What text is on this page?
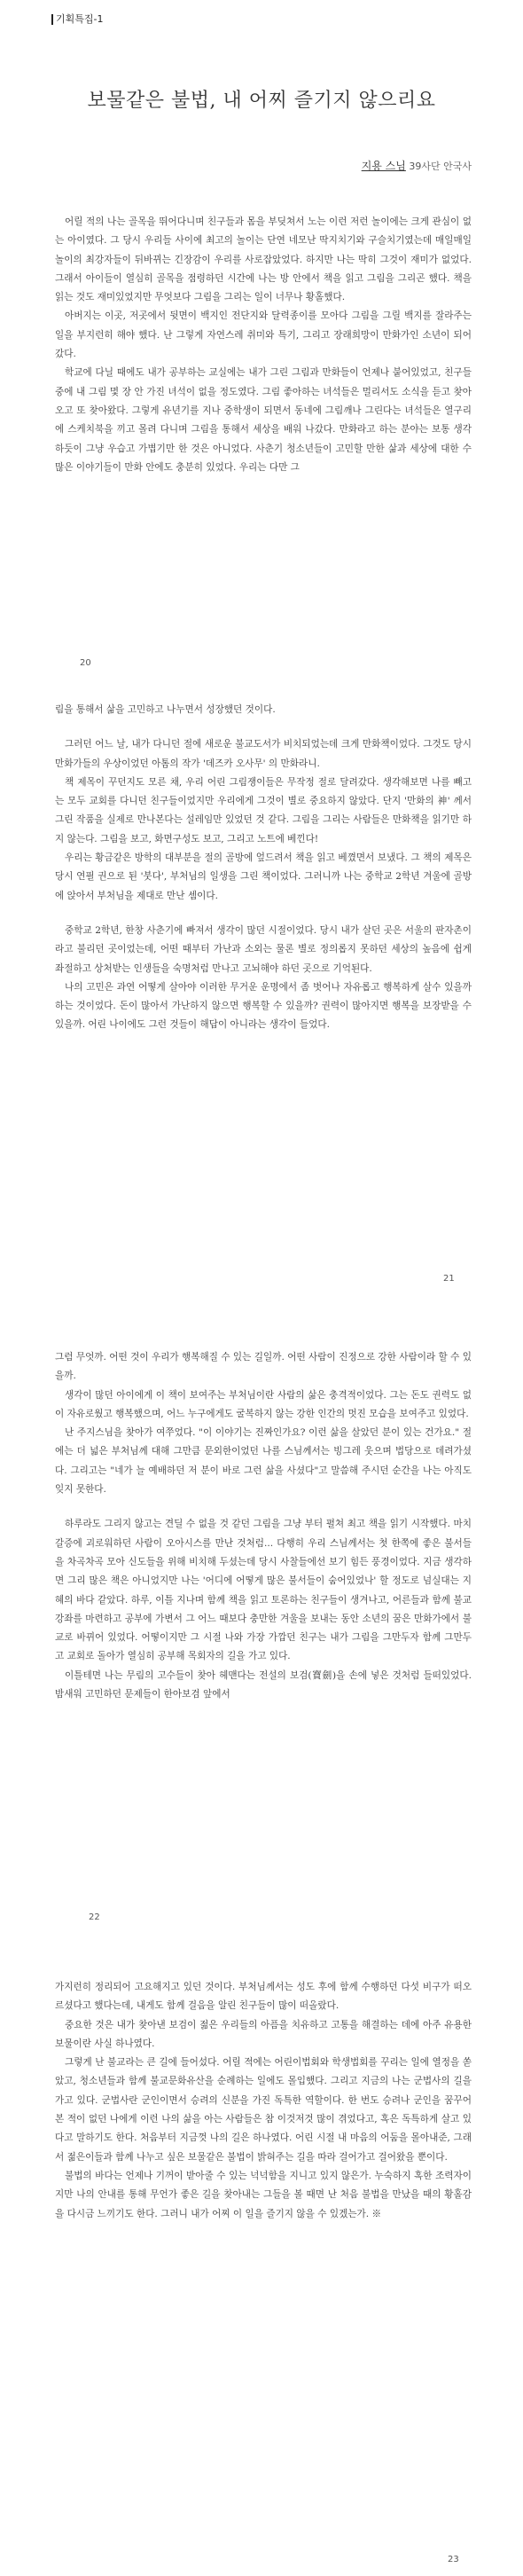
기획특집-1
보물같은 불법, 내 어찌 즐기지 않으리요
지용 스님 39사단 안국사

어릴 적의 나는 골목을 뛰어다니며 친구들과 몸을 부딪쳐서 노는 이런 저런 놀이에는 크게 관심이 없는 아이였다. 그 당시 우리들 사이에 최고의 놀이는 단연 네모난 딱지치기와 구슬치기였는데 매일매일 놀이의 최강자들이 뒤바뀌는 긴장감이 우리를 사로잡았었다. 하지만 나는 딱히 그것이 재미가 없었다. 그래서 아이들이 열심히 골목을 점령하던 시간에 나는 방 안에서 책을 읽고 그림을 그리곤 했다. 책을 읽는 것도 재미있었지만 무엇보다 그림을 그리는 일이 너무나 황홀했다.

아버지는 이곳, 저곳에서 뒷면이 백지인 전단지와 달력종이를 모아다 그림을 그릴 백지를 잘라주는 일을 부지런히 해야 했다. 난 그렇게 자연스레 취미와 특기, 그리고 장래희망이 만화가인 소년이 되어갔다.

학교에 다닐 때에도 내가 공부하는 교실에는 내가 그린 그림과 만화들이 언제나 붙어있었고, 친구들 중에 내 그림 몇 장 안 가진 녀석이 없을 정도였다. 그림 좋아하는 녀석들은 멀리서도 소식을 듣고 찾아오고 또 찾아왔다. 그렇게 유년기를 지나 중학생이 되면서 동네에 그림깨나 그린다는 녀석들은 열구리에 스케치북을 끼고 몰려 다니며 그림을 통해서 세상을 배워 나갔다. 만화라고 하는 분야는 보통 생각하듯이 그냥 우습고 가볍기만 한 것은 아니었다. 사춘기 청소년들이 고민할 만한 삶과 세상에 대한 수많은 이야기들이 만화 안에도 충분히 있었다. 우리는 다만 그

20

림을 통해서 삶을 고민하고 나누면서 성장했던 것이다.

그러던 어느 날, 내가 다니던 절에 새로운 불교도서가 비치되었는데 크게 만화책이었다. 그것도 당시 만화가들의 우상이었던 아톰의 작가 '데즈카 오사무' 의 만화라니.

책 제목이 꾸던지도 모른 채, 우리 어린 그림쟁이들은 무작정 절로 달려갔다. 생각해보면 나를 빼고는 모두 교회를 다니던 친구들이었지만 우리에게 그것이 별로 중요하지 않았다. 단지 '만화의 神' 께서 그린 작품을 실제로 만나본다는 설레임만 있었던 것 같다. 그림을 그리는 사람들은 만화책을 읽기만 하지 않는다. 그림을 보고, 화면구성도 보고, 그리고 노트에 베낀다!

우리는 황금같은 방학의 대부분을 절의 골방에 엎드려서 책을 읽고 베꼈면서 보냈다. 그 책의 제목은 당시 연필 권으로 된 '붓다', 부처님의 일생을 그린 책이었다. 그러니까 나는 중학교 2학년 겨울에 골방에 앉아서 부처님을 제대로 만난 셈이다.

중학교 2학년, 한창 사춘기에 빠져서 생각이 많던 시절이었다. 당시 내가 살던 곳은 서울의 판자촌이라고 불리던 곳이었는데, 어떤 때부터 가난과 소외는 물론 별로 정의롭지 못하던 세상의 높음에 쉽게 좌절하고 상처받는 인생들을 숙명처럼 만나고 고뇌해야 하던 곳으로 기억된다.

나의 고민은 과연 어떻게 살아야 이러한 무거운 운명에서 좀 벗어나 자유롭고 행복하게 살수 있을까 하는 것이었다. 돈이 많아서 가난하지 않으면 행복할 수 있을까? 권력이 많아지면 행복을 보장받을 수 있을까. 어린 나이에도 그런 것들이 해답이 아니라는 생각이 들었다.

21

그럼 무엇까. 어떤 것이 우리가 행복해질 수 있는 길일까. 어떤 사람이 진정으로 강한 사람이라 할 수 있을까.

생각이 많던 아이에게 이 책이 보여주는 부처님이란 사람의 삶은 충격적이었다. 그는 돈도 권력도 없이 자유로웠고 행복했으며, 어느 누구에게도 굴복하지 않는 강한 인간의 멋진 모습을 보여주고 있었다.

난 주지스님을 찾아가 여쭈었다. "이 이야기는 진짜인가요? 이런 삶을 살았던 분이 있는 건가요." 절에는 더 넓은 부처님께 대해 그만큼 문외한이었던 나를 스님께서는 빙그레 웃으며 법당으로 데려가셨다. 그리고는 "네가 늘 예배하던 저 분이 바로 그런 삶을 사셨다"고 말씀해 주시던 순간을 나는 아직도 잊지 못한다.

하루라도 그리지 않고는 견딜 수 없을 것 같던 그림을 그냥 부터 펼쳐 최고 책을 읽기 시작했다. 마치 갈증에 괴로워하던 사람이 오아시스를 만난 것처럼... 다행히 우리 스님께서는 첫 한쪽에 좋은 불서들을 차곡차곡 모아 신도들을 위해 비치해 두셨는데 당시 사찰들에선 보기 힘든 풍경이었다. 지금 생각하면 그리 많은 책은 아니었지만 나는 '어디에 어떻게 많은 불서들이 숨어있었나' 할 정도로 넘실대는 지혜의 바다 같았다. 하루, 이틀 지나며 함께 책을 읽고 토론하는 친구들이 생겨나고, 어른들과 함께 불교강좌를 마련하고 공부에 가변서 그 어느 때보다 충만한 겨울을 보내는 동안 소년의 꿈은 만화가에서 불교로 바뀌어 있었다. 어떻이지만 그 시절 나와 가장 가깝던 친구는 내가 그림을 그만두자 함께 그만두고 교회로 돌아가 열심히 공부해 목회자의 길을 가고 있다.

이틀테면 나는 무림의 고수들이 찾아 헤맨다는 전설의 보검(寶劍)을 손에 넣은 것처럼 들떠있었다. 밤새워 고민하던 문제들이 한아보검 앞에서

22

가지런히 정리되어 고요해지고 있던 것이다. 부처님께서는 성도 후에 함께 수행하던 다섯 비구가 떠오르셨다고 했다는데, 내게도 함께 걸음을 알린 친구들이 많이 떠올랐다.

중요한 것은 내가 찾아낸 보검이 젊은 우리들의 아픔을 치유하고 고통을 해결하는 데에 아주 유용한 보물이란 사실 하나였다.

그렇게 난 불교라는 큰 길에 들어섰다. 어릴 적에는 어린이법회와 학생법회를 꾸리는 일에 열정을 쏟았고, 청소년들과 함께 불교문화유산을 순례하는 일에도 몰입했다. 그리고 지금의 나는 군법사의 길을 가고 있다. 군법사란 군인이면서 승려의 신분을 가진 독특한 역할이다. 한 번도 승려나 군인을 꿈꾸어본 적이 없던 나에게 이런 나의 삶을 아는 사람들은 참 이것저것 많이 겪었다고, 혹은 독특하게 살고 있다고 말하기도 한다. 처음부터 지금껏 나의 길은 하나였다. 어린 시절 내 마음의 어둠을 몰아내준, 그래서 젊은이들과 함께 나누고 싶은 보물같은 불법이 밝혀주는 길을 따라 걸어가고 걸어왔을 뿐이다.

불법의 바다는 언제나 기꺼이 받아줄 수 있는 넉넉함을 지니고 있지 않은가. 누숙하지 혹한 조력자이지만 나의 안내를 통해 무언가 좋은 길을 찾아내는 그들을 볼 때면 난 처음 불법을 만났을 때의 황홀감을 다시금 느끼기도 한다. 그러니 내가 어찌 이 일을 즐기지 않을 수 있겠는가. ※

23
